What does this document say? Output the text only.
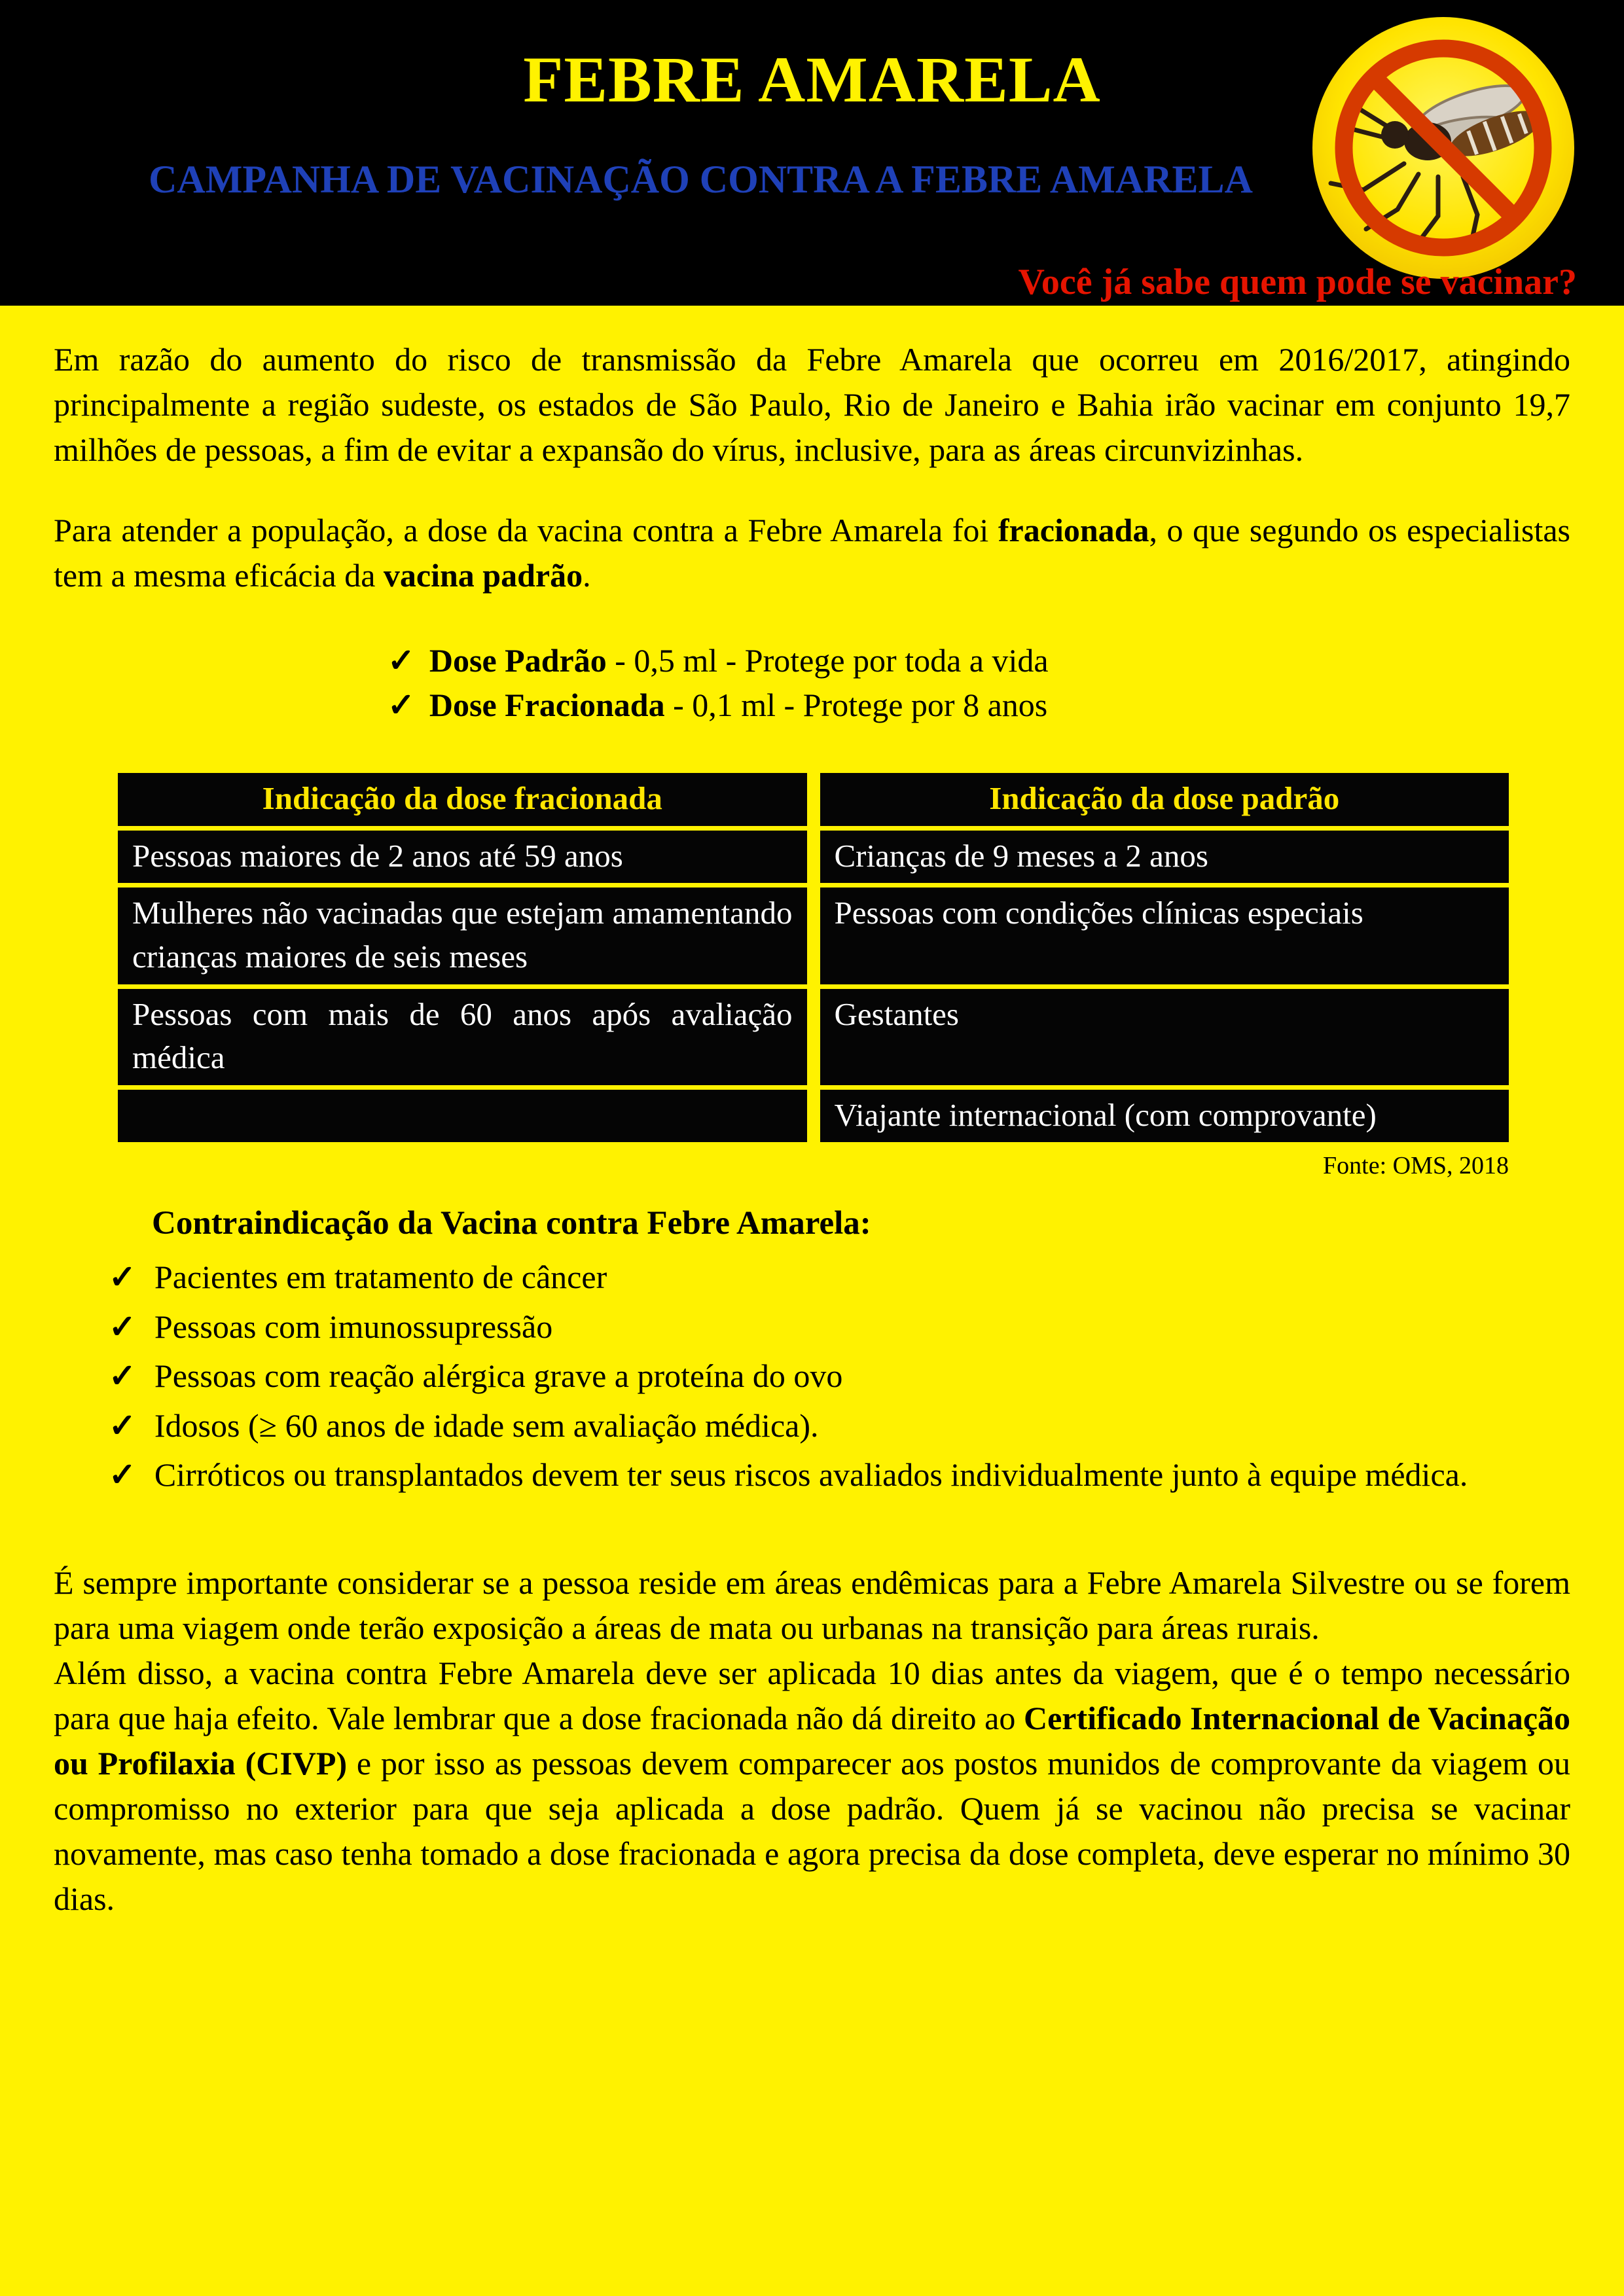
FEBRE AMARELA
CAMPANHA DE VACINAÇÃO CONTRA A FEBRE AMARELA
Você já sabe quem pode se vacinar?

Em razão do aumento do risco de transmissão da Febre Amarela que ocorreu em 2016/2017, atingindo principalmente a região sudeste, os estados de São Paulo, Rio de Janeiro e Bahia irão vacinar em conjunto 19,7 milhões de pessoas, a fim de evitar a expansão do vírus, inclusive, para as áreas circunvizinhas.

Para atender a população, a dose da vacina contra a Febre Amarela foi fracionada, o que segundo os especialistas tem a mesma eficácia da vacina padrão.

✓ Dose Padrão - 0,5 ml - Protege por toda a vida
✓ Dose Fracionada - 0,1 ml - Protege por 8 anos
Indicação da dose fracionada	Indicação da dose padrão
Pessoas maiores de 2 anos até 59 anos	Crianças de 9 meses a 2 anos
Mulheres não vacinadas que estejam amamentando crianças maiores de seis meses
Pessoas com condições clínicas especiais
Pessoas com mais de 60 anos após avaliação médica
Gestantes
Viajante internacional (com comprovante)
Fonte: OMS, 2018
Contraindicação da Vacina contra Febre Amarela:
✓ Pacientes em tratamento de câncer
✓ Pessoas com imunossupressão
✓ Pessoas com reação alérgica grave a proteína do ovo
✓ Idosos (≥ 60 anos de idade sem avaliação médica).
✓ Cirróticos ou transplantados devem ter seus riscos avaliados individualmente junto à equipe médica.

É sempre importante considerar se a pessoa reside em áreas endêmicas para a Febre Amarela Silvestre ou se forem para uma viagem onde terão exposição a áreas de mata ou urbanas na transição para áreas rurais.

Além disso, a vacina contra Febre Amarela deve ser aplicada 10 dias antes da viagem, que é o tempo necessário para que haja efeito. Vale lembrar que a dose fracionada não dá direito ao Certificado Internacional de Vacinação ou Profilaxia (CIVP) e por isso as pessoas devem comparecer aos postos munidos de comprovante da viagem ou compromisso no exterior para que seja aplicada a dose padrão. Quem já se vacinou não precisa se vacinar novamente, mas caso tenha tomado a dose fracionada e agora precisa da dose completa, deve esperar no mínimo 30 dias.
